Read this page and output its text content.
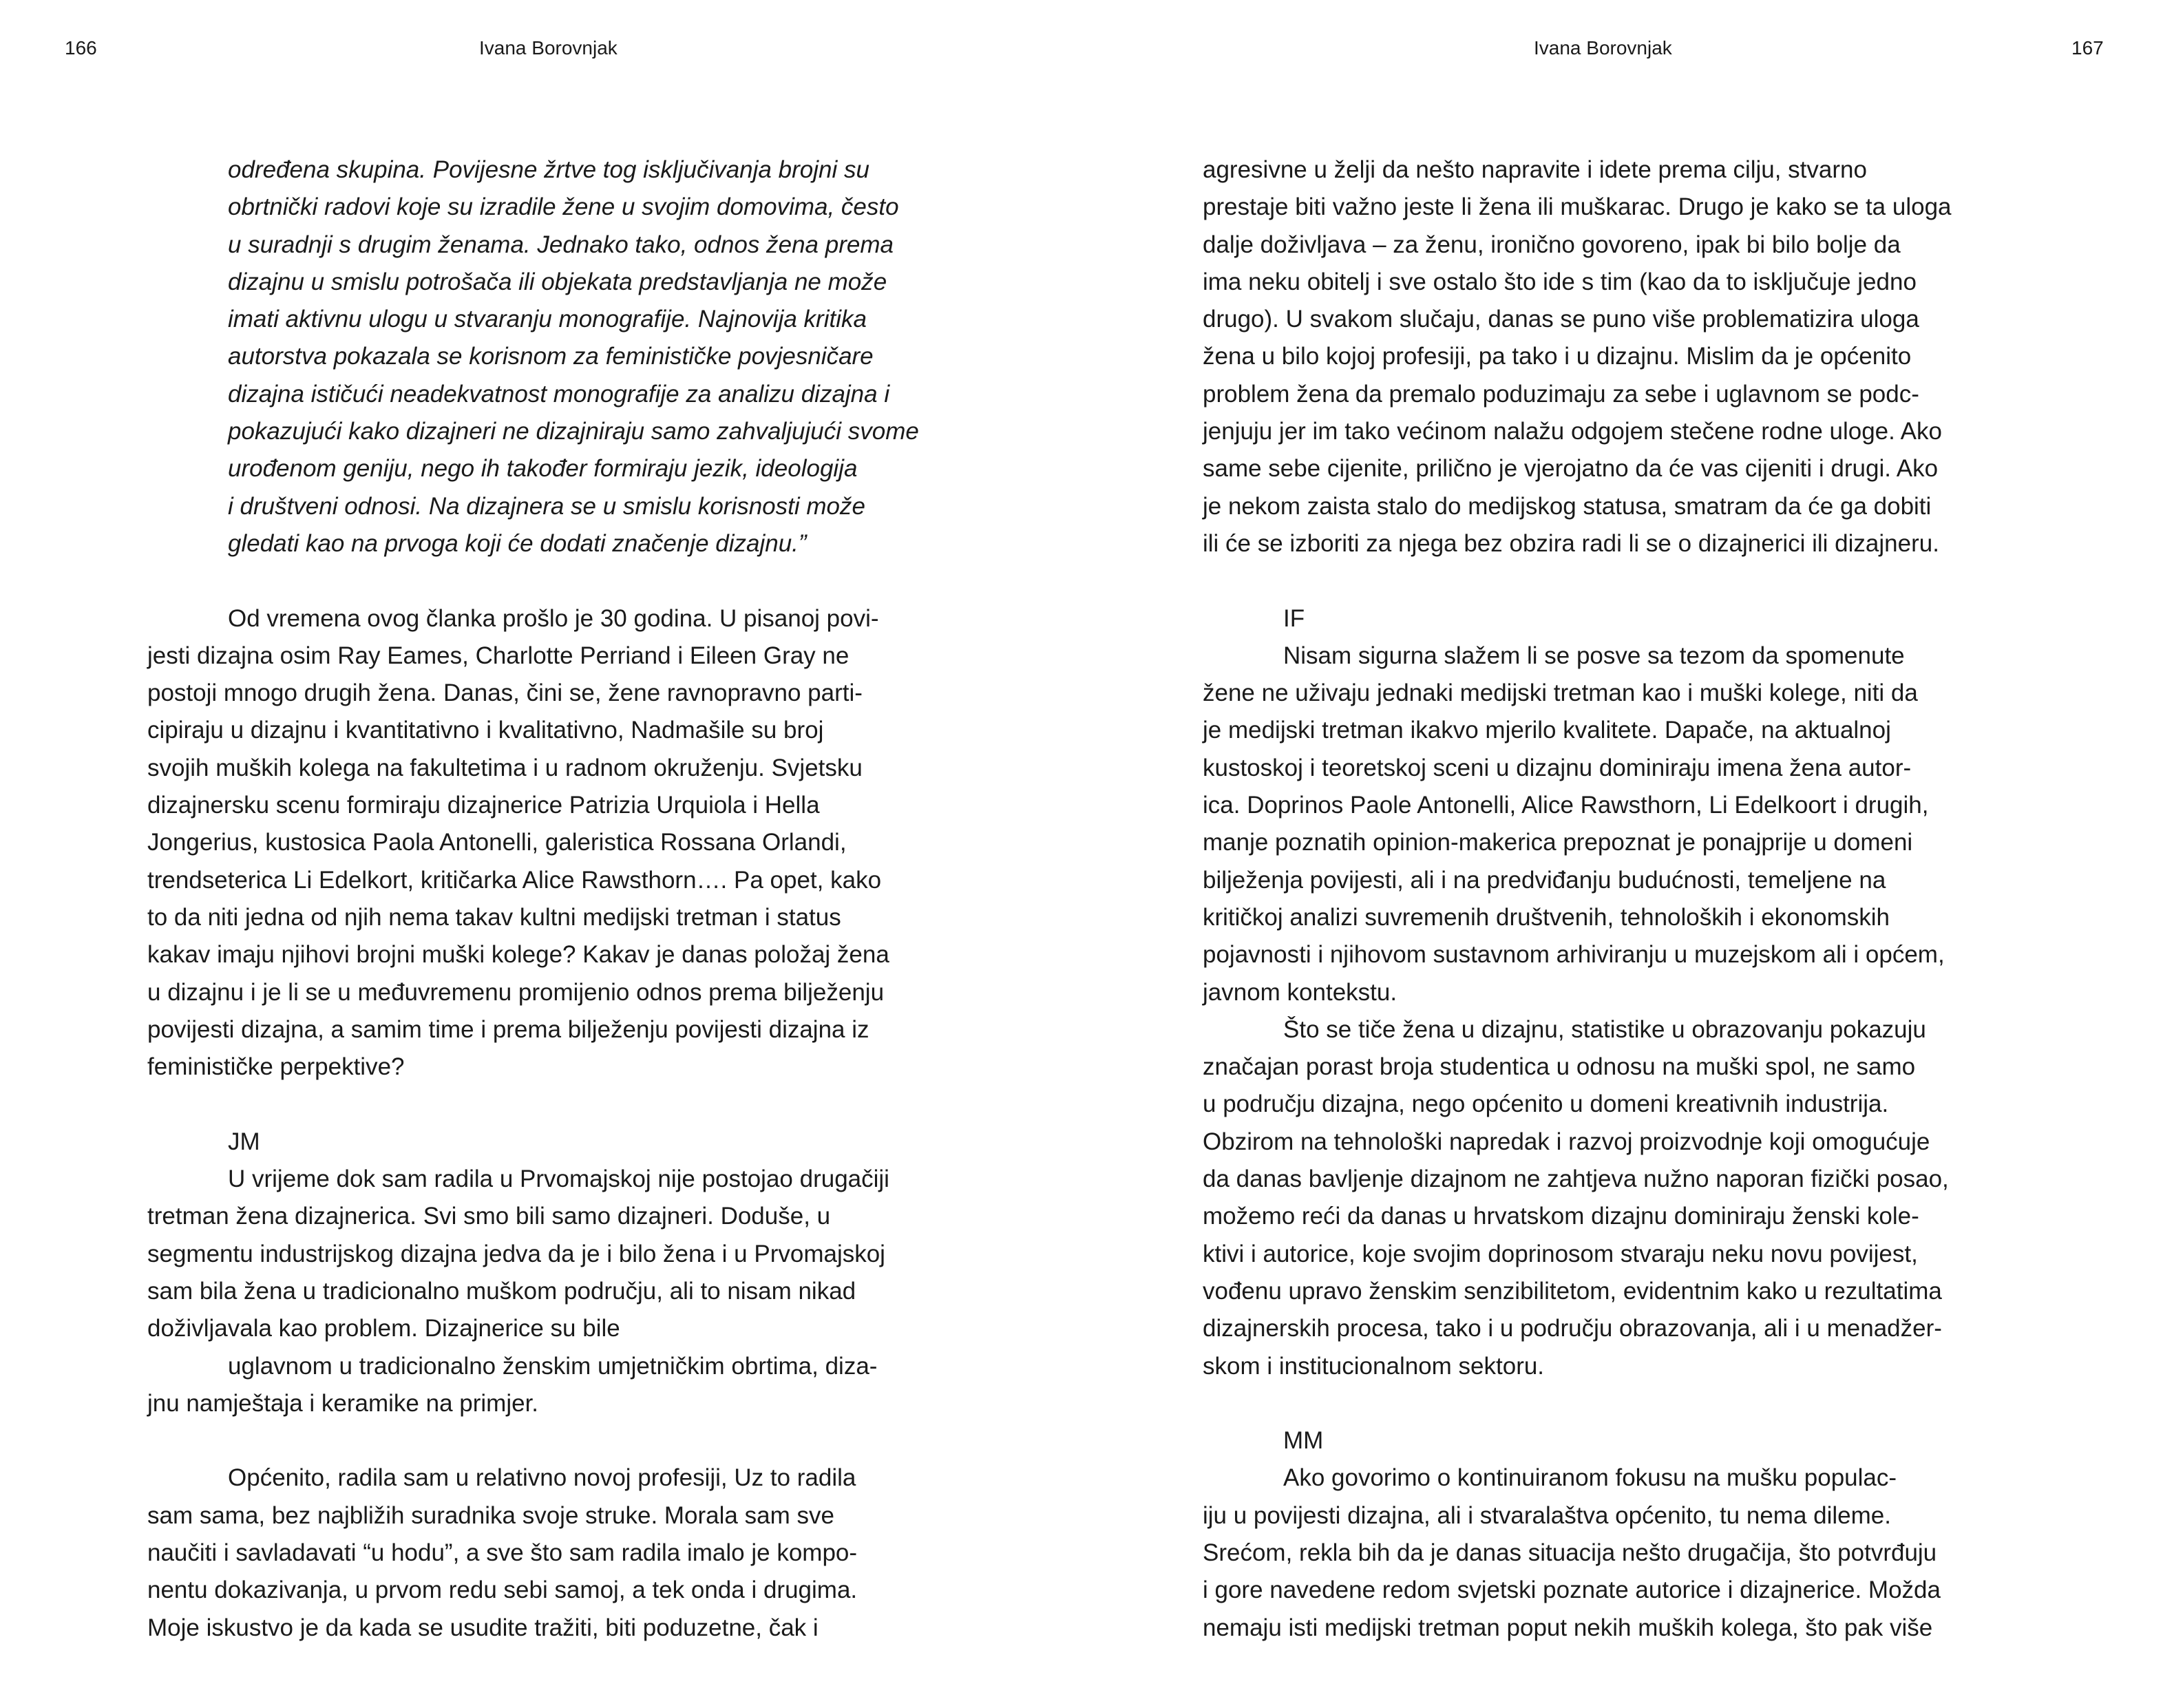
166	Ivana Borovnjak

određena skupina. Povijesne žrtve tog isključivanja brojni su

obrtnički radovi koje su izradile žene u svojim domovima, često

u suradnji s drugim ženama. Jednako tako, odnos žena prema

dizajnu u smislu potrošača ili objekata predstavljanja ne može

imati aktivnu ulogu u stvaranju monografije. Najnovija kritika

autorstva pokazala se korisnom za feminističke povjesničare

dizajna ističući neadekvatnost monografije za analizu dizajna i

pokazujući kako dizajneri ne dizajniraju samo zahvaljujući svome

urođenom geniju, nego ih također formiraju jezik, ideologija

i društveni odnosi. Na dizajnera se u smislu korisnosti može

gledati kao na prvoga koji će dodati značenje dizajnu.”

Od vremena ovog članka prošlo je 30 godina. U pisanoj povi-

jesti dizajna osim Ray Eames, Charlotte Perriand i Eileen Gray ne

postoji mnogo drugih žena. Danas, čini se, žene ravnopravno parti-

cipiraju u dizajnu i kvantitativno i kvalitativno, Nadmašile su broj

svojih muških kolega na fakultetima i u radnom okruženju. Svjetsku

dizajnersku scenu formiraju dizajnerice Patrizia Urquiola i Hella

Jongerius, kustosica Paola Antonelli, galeristica Rossana Orlandi,

trendseterica Li Edelkort, kritičarka Alice Rawsthorn…. Pa opet, kako

to da niti jedna od njih nema takav kultni medijski tretman i status

kakav imaju njihovi brojni muški kolege? Kakav je danas položaj žena

u dizajnu i je li se u međuvremenu promijenio odnos prema bilježenju

povijesti dizajna, a samim time i prema bilježenju povijesti dizajna iz

feminističke perpektive?

JM

U vrijeme dok sam radila u Prvomajskoj nije postojao drugačiji

tretman žena dizajnerica. Svi smo bili samo dizajneri. Doduše, u

segmentu industrijskog dizajna jedva da je i bilo žena i u Prvomajskoj

sam bila žena u tradicionalno muškom području, ali to nisam nikad

doživljavala kao problem. Dizajnerice su bile

uglavnom u tradicionalno ženskim umjetničkim obrtima, diza-

jnu namještaja i keramike na primjer.

Općenito, radila sam u relativno novoj profesiji, Uz to radila

sam sama, bez najbližih suradnika svoje struke. Morala sam sve

naučiti i savladavati “u hodu”, a sve što sam radila imalo je kompo-

nentu dokazivanja, u prvom redu sebi samoj, a tek onda i drugima.

Moje iskustvo je da kada se usudite tražiti, biti poduzetne, čak i

Ivana Borovnjak	167

agresivne u želji da nešto napravite i idete prema cilju, stvarno

prestaje biti važno jeste li žena ili muškarac. Drugo je kako se ta uloga

dalje doživljava – za ženu, ironično govoreno, ipak bi bilo bolje da

ima neku obitelj i sve ostalo što ide s tim (kao da to isključuje jedno

drugo). U svakom slučaju, danas se puno više problematizira uloga

žena u bilo kojoj profesiji, pa tako i u dizajnu. Mislim da je općenito

problem žena da premalo poduzimaju za sebe i uglavnom se podc-

jenjuju jer im tako većinom nalažu odgojem stečene rodne uloge. Ako

same sebe cijenite, prilično je vjerojatno da će vas cijeniti i drugi. Ako

je nekom zaista stalo do medijskog statusa, smatram da će ga dobiti

ili će se izboriti za njega bez obzira radi li se o dizajnerici ili dizajneru.

IF

Nisam sigurna slažem li se posve sa tezom da spomenute

žene ne uživaju jednaki medijski tretman kao i muški kolege, niti da

je medijski tretman ikakvo mjerilo kvalitete. Dapače, na aktualnoj

kustoskoj i teoretskoj sceni u dizajnu dominiraju imena žena autor-

ica. Doprinos Paole Antonelli, Alice Rawsthorn, Li Edelkoort i drugih,

manje poznatih opinion-makerica prepoznat je ponajprije u domeni

bilježenja povijesti, ali i na predviđanju budućnosti, temeljene na

kritičkoj analizi suvremenih društvenih, tehnoloških i ekonomskih

pojavnosti i njihovom sustavnom arhiviranju u muzejskom ali i općem,

javnom kontekstu.

Što se tiče žena u dizajnu, statistike u obrazovanju pokazuju

značajan porast broja studentica u odnosu na muški spol, ne samo

u području dizajna, nego općenito u domeni kreativnih industrija.

Obzirom na tehnološki napredak i razvoj proizvodnje koji omogućuje

da danas bavljenje dizajnom ne zahtjeva nužno naporan fizički posao,

možemo reći da danas u hrvatskom dizajnu dominiraju ženski kole-

ktivi i autorice, koje svojim doprinosom stvaraju neku novu povijest,

vođenu upravo ženskim senzibilitetom, evidentnim kako u rezultatima

dizajnerskih procesa, tako i u području obrazovanja, ali i u menadžer-

skom i institucionalnom sektoru.

MM

Ako govorimo o kontinuiranom fokusu na mušku populac-

iju u povijesti dizajna, ali i stvaralaštva općenito, tu nema dileme.

Srećom, rekla bih da je danas situacija nešto drugačija, što potvrđuju

i gore navedene redom svjetski poznate autorice i dizajnerice. Možda

nemaju isti medijski tretman poput nekih muških kolega, što pak više
